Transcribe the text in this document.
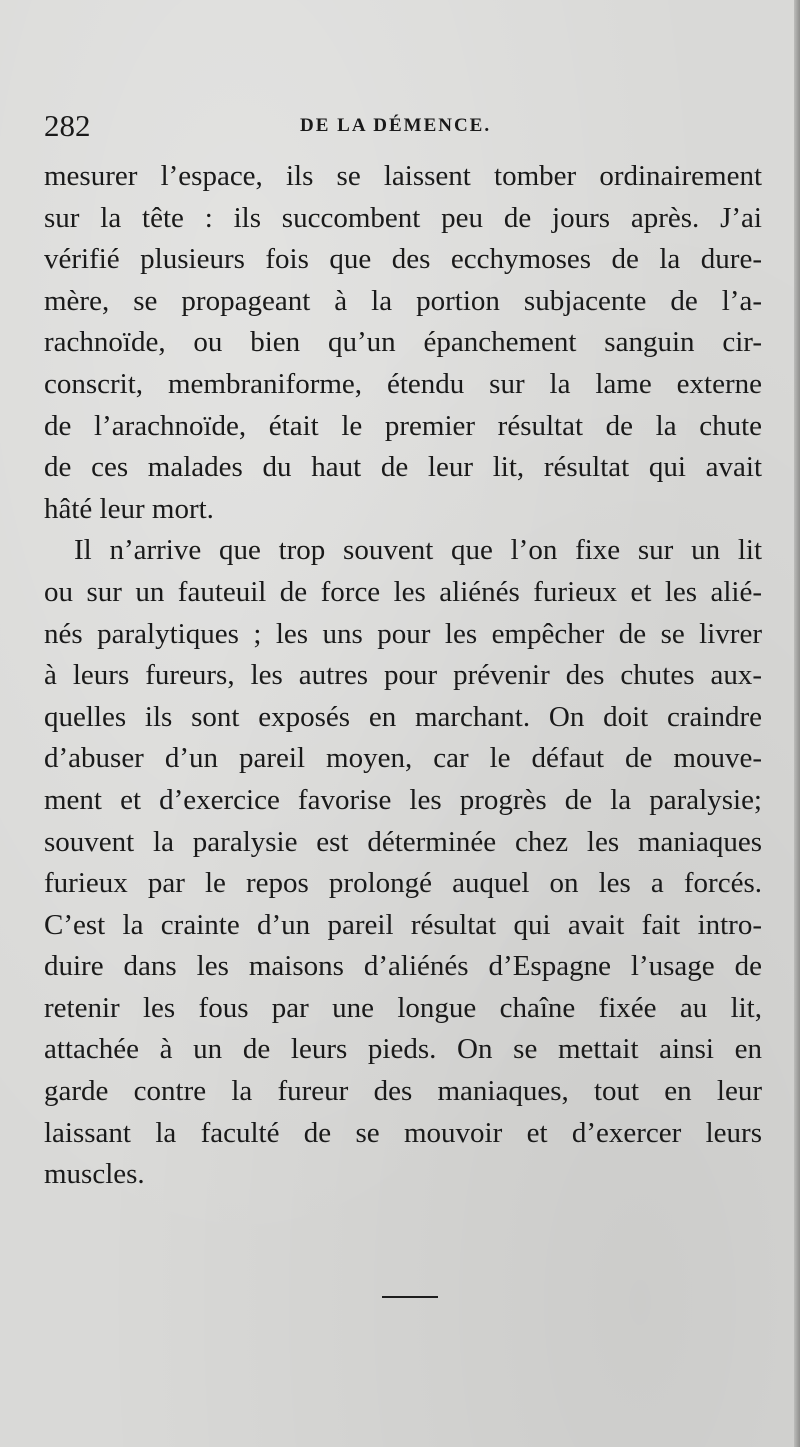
282	DE LA DÉMENCE.
mesurer l’espace, ils se laissent tomber ordinairement
sur la tête : ils succombent peu de jours après. J’ai
vérifié plusieurs fois que des ecchymoses de la dure-
mère, se propageant à la portion subjacente de l’a-
rachnoïde, ou bien qu’un épanchement sanguin cir-
conscrit, membraniforme, étendu sur la lame externe
de l’arachnoïde, était le premier résultat de la chute
de ces malades du haut de leur lit, résultat qui avait
hâté leur mort.
Il n’arrive que trop souvent que l’on fixe sur un lit
ou sur un fauteuil de force les aliénés furieux et les alié-
nés paralytiques ; les uns pour les empêcher de se livrer
à leurs fureurs, les autres pour prévenir des chutes aux-
quelles ils sont exposés en marchant. On doit craindre
d’abuser d’un pareil moyen, car le défaut de mouve-
ment et d’exercice favorise les progrès de la paralysie;
souvent la paralysie est déterminée chez les maniaques
furieux par le repos prolongé auquel on les a forcés.
C’est la crainte d’un pareil résultat qui avait fait intro-
duire dans les maisons d’aliénés d’Espagne l’usage de
retenir les fous par une longue chaîne fixée au lit,
attachée à un de leurs pieds. On se mettait ainsi en
garde contre la fureur des maniaques, tout en leur
laissant la faculté de se mouvoir et d’exercer leurs
muscles.
